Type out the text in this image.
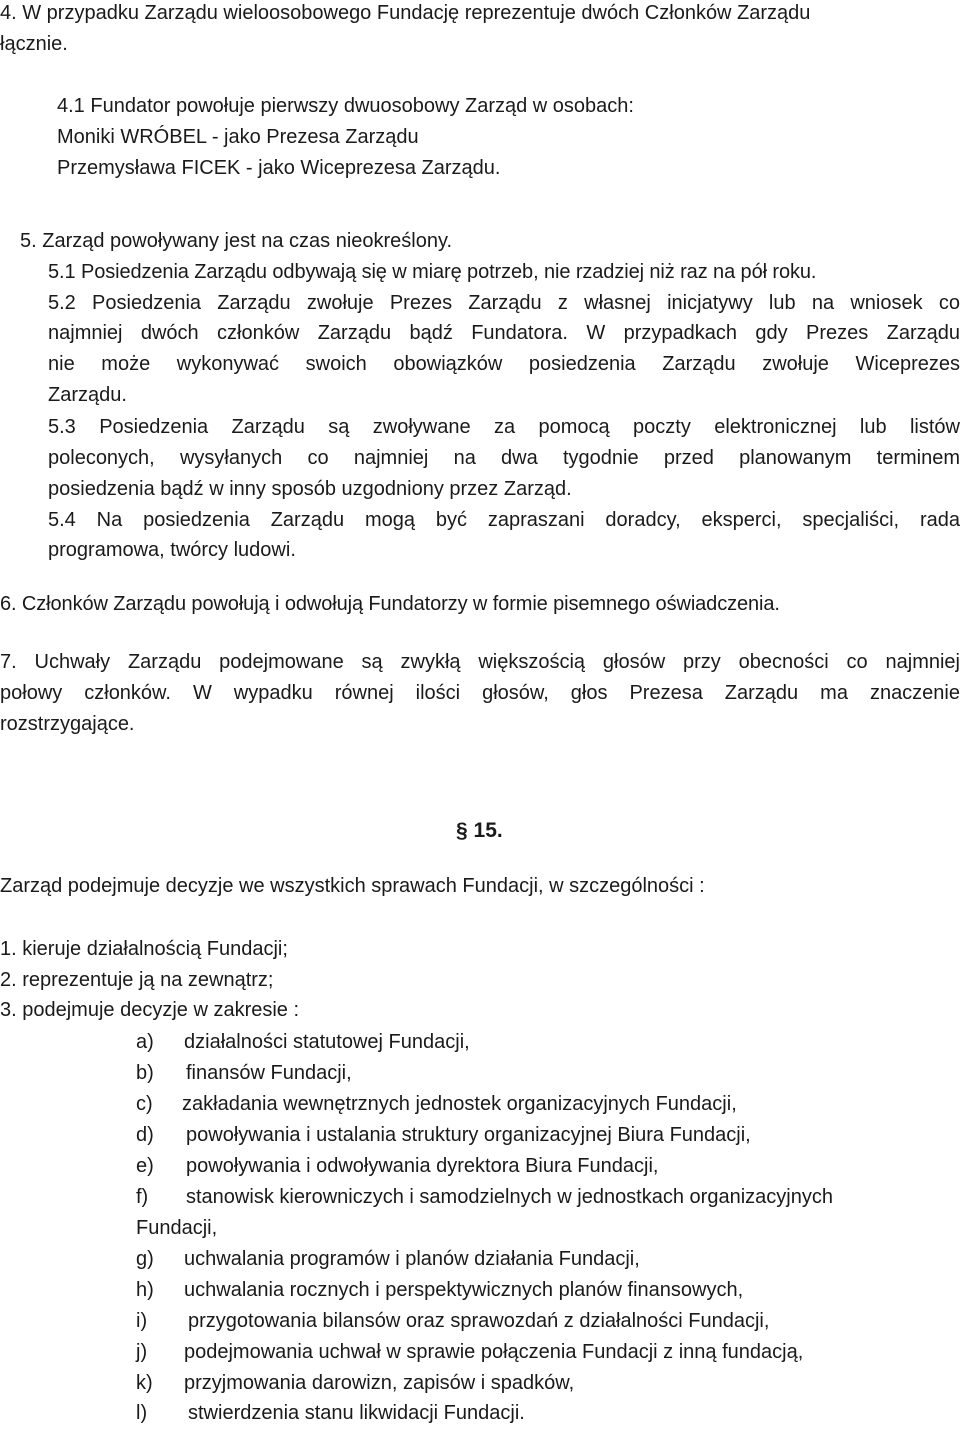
4. W przypadku Zarządu wieloosobowego Fundację reprezentuje dwóch Członków Zarządu
łącznie.
4.1 Fundator powołuje pierwszy dwuosobowy Zarząd w osobach:
Moniki WRÓBEL - jako Prezesa Zarządu
Przemysława FICEK - jako Wiceprezesa Zarządu.
5. Zarząd powoływany jest na czas nieokreślony.
5.1 Posiedzenia Zarządu odbywają się w miarę potrzeb, nie rzadziej niż raz na pół roku.
5.2 Posiedzenia Zarządu zwołuje Prezes Zarządu z własnej inicjatywy lub na wniosek co
najmniej dwóch członków Zarządu bądź Fundatora. W przypadkach gdy Prezes Zarządu
nie może wykonywać swoich obowiązków posiedzenia Zarządu zwołuje Wiceprezes
Zarządu.
5.3 Posiedzenia Zarządu są zwoływane za pomocą poczty elektronicznej lub listów
poleconych, wysyłanych co najmniej na dwa tygodnie przed planowanym terminem
posiedzenia bądź w inny sposób uzgodniony przez Zarząd.
5.4 Na posiedzenia Zarządu mogą być zapraszani doradcy, eksperci, specjaliści, rada
programowa, twórcy ludowi.
6. Członków Zarządu powołują i odwołują Fundatorzy w formie pisemnego oświadczenia.
7. Uchwały Zarządu podejmowane są zwykłą większością głosów przy obecności co najmniej
połowy członków. W wypadku równej ilości głosów, głos Prezesa Zarządu ma znaczenie
rozstrzygające.
§ 15.
Zarząd podejmuje decyzje we wszystkich sprawach Fundacji, w szczególności :
1. kieruje działalnością Fundacji;
2. reprezentuje ją na zewnątrz;
3. podejmuje decyzje w zakresie :
a) działalności statutowej Fundacji,
b) finansów Fundacji,
c) zakładania wewnętrznych jednostek organizacyjnych Fundacji,
d) powoływania i ustalania struktury organizacyjnej Biura Fundacji,
e) powoływania i odwoływania dyrektora Biura Fundacji,
f) stanowisk kierowniczych i samodzielnych w jednostkach organizacyjnych
Fundacji,
g) uchwalania programów i planów działania Fundacji,
h) uchwalania rocznych i perspektywicznych planów finansowych,
i) przygotowania bilansów oraz sprawozdań z działalności Fundacji,
j) podejmowania uchwał w sprawie połączenia Fundacji z inną fundacją,
k) przyjmowania darowizn, zapisów i spadków,
l) stwierdzenia stanu likwidacji Fundacji.
